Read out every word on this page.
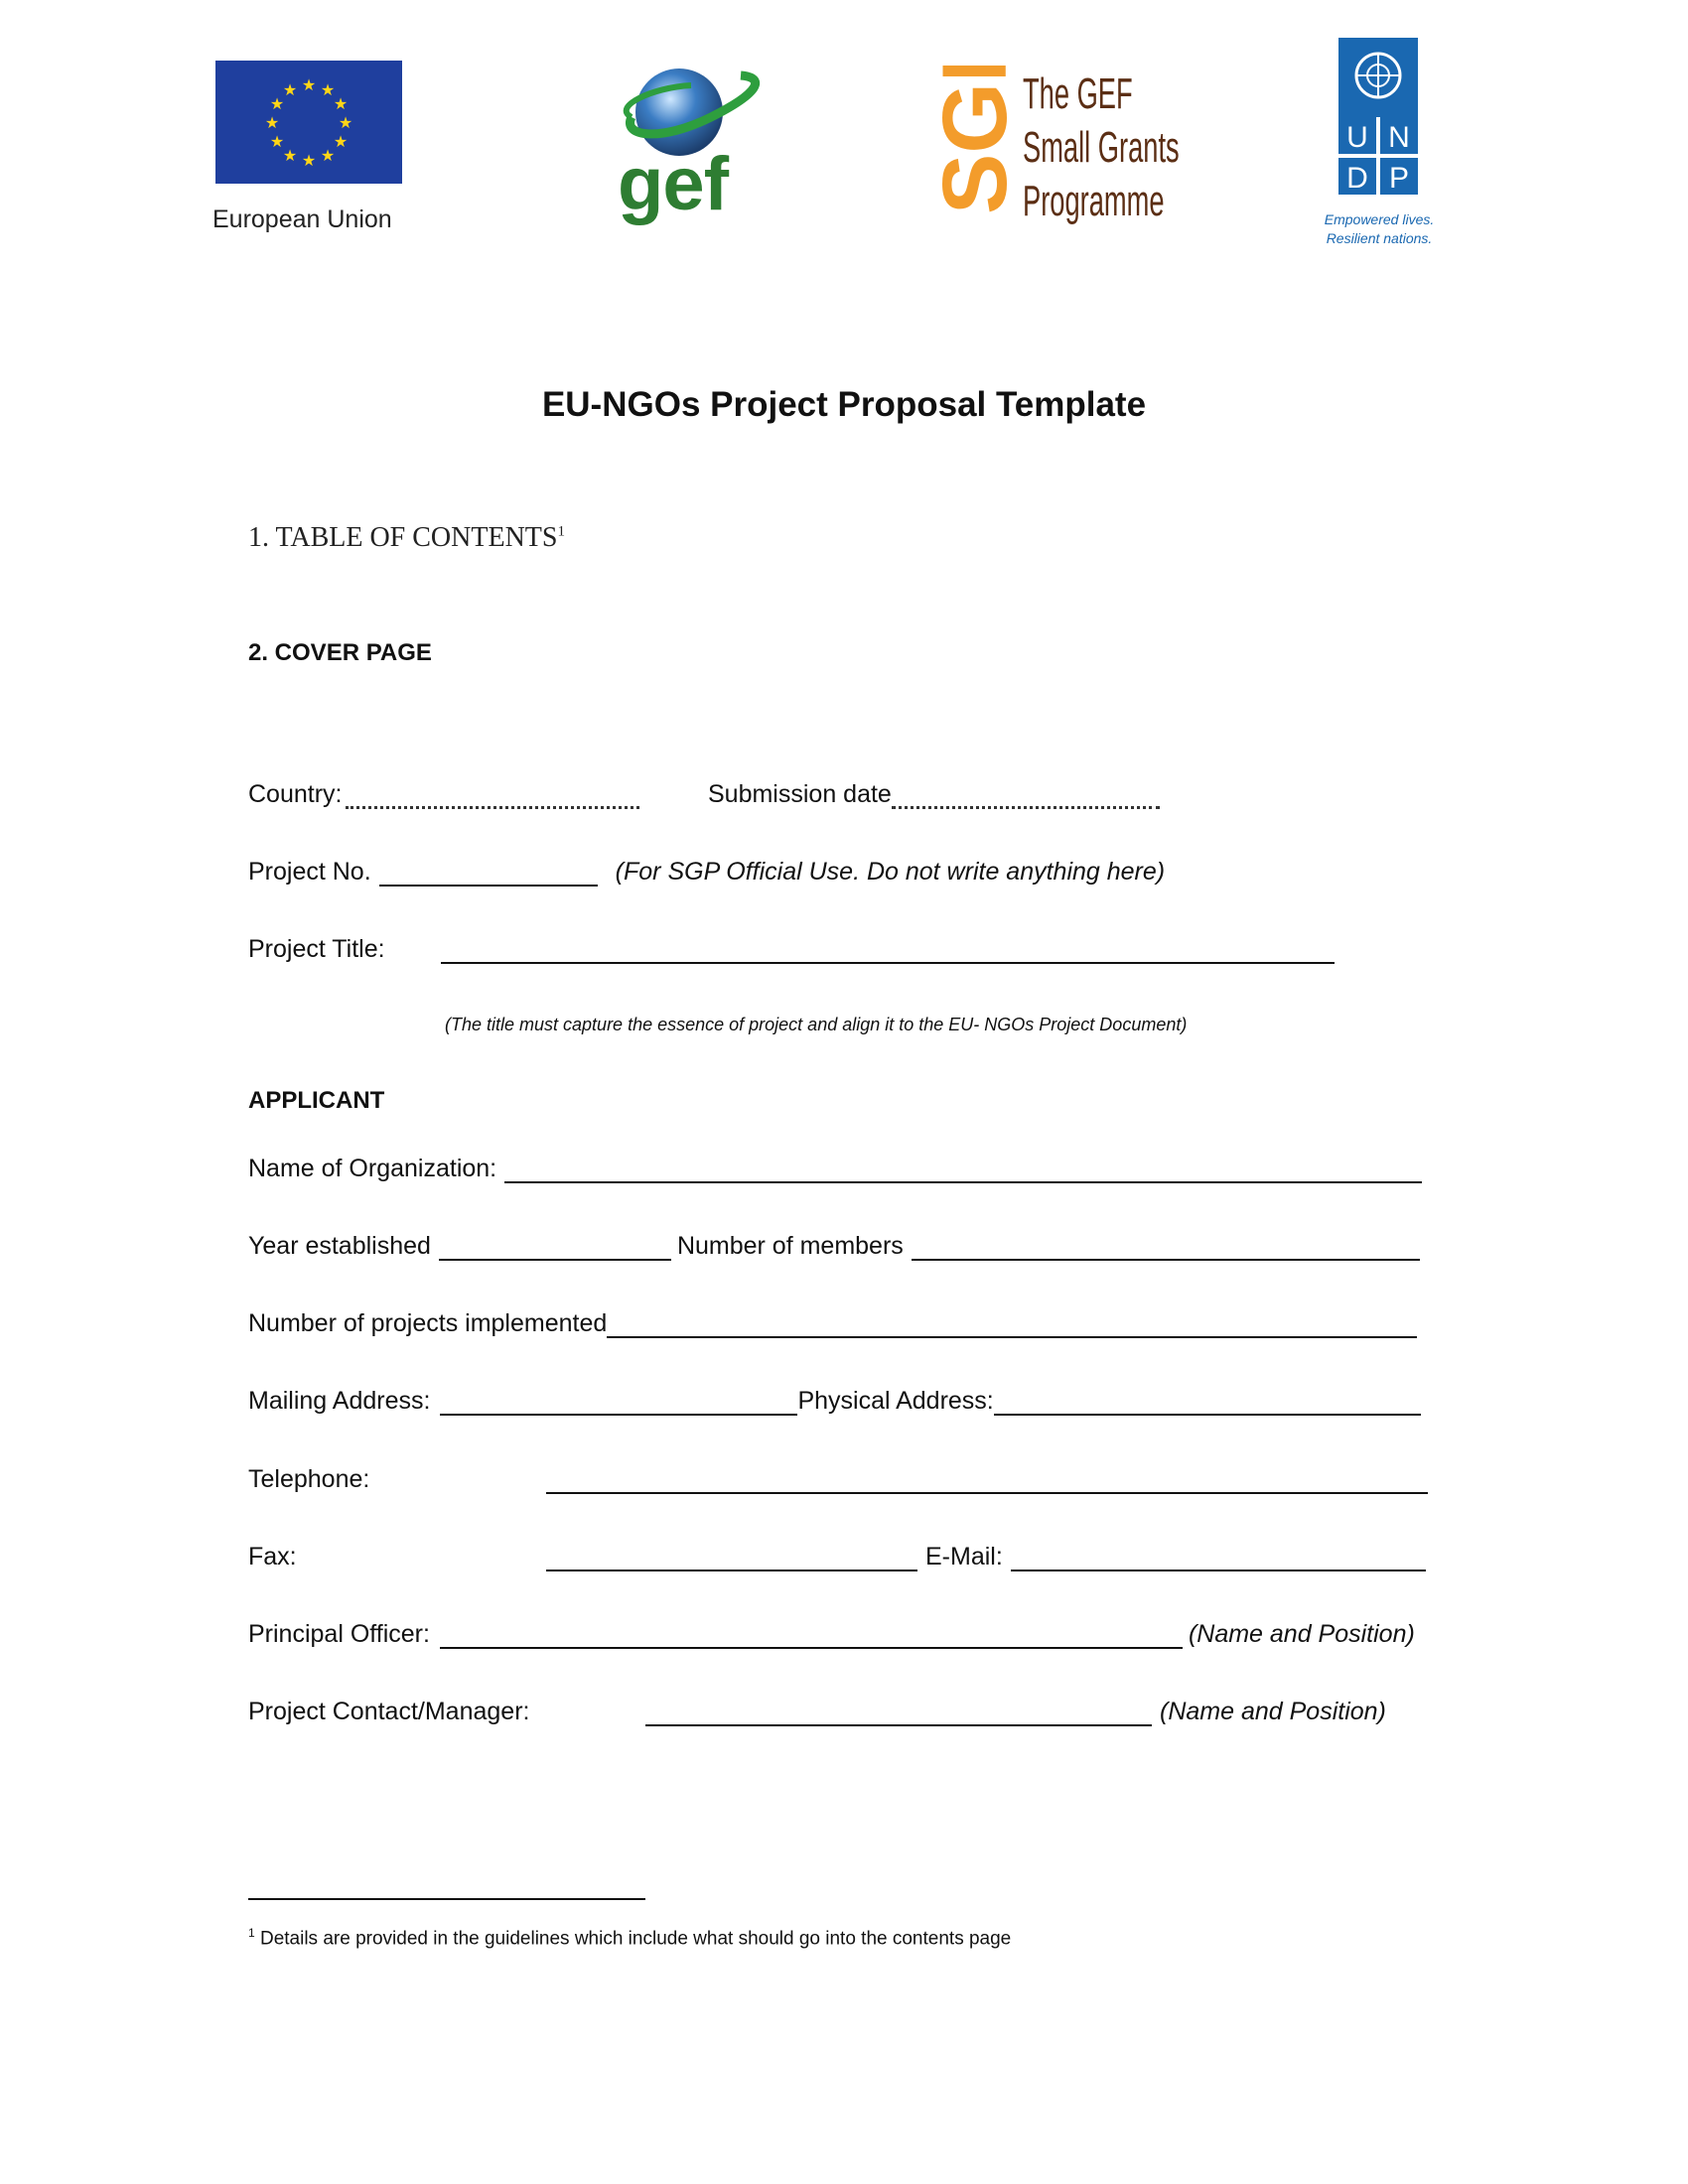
★ ★
★
★
★
★
★
★
★
★
★
★
European Union	gef SGP
The GEF
Small Grants
Programme
U N
D P
Empowered lives.
Resilient nations.
EU-NGOs Project Proposal Template
1. TABLE OF CONTENTS$^1$
2. COVER PAGE
Country:	Submission date
Project No.	(For SGP Official Use. Do not write anything here)
Project Title:
(The title must capture the essence of project and align it to the EU- NGOs Project Document)
APPLICANT
Name of Organization:
Year established	Number of members
Number of projects implemented
Mailing Address:	Physical Address:
Telephone:
Fax:	E-Mail:
Principal Officer:	(Name and Position)
Project Contact/Manager:	(Name and Position)
$^1$ Details are provided in the guidelines which include what should go into the contents page
